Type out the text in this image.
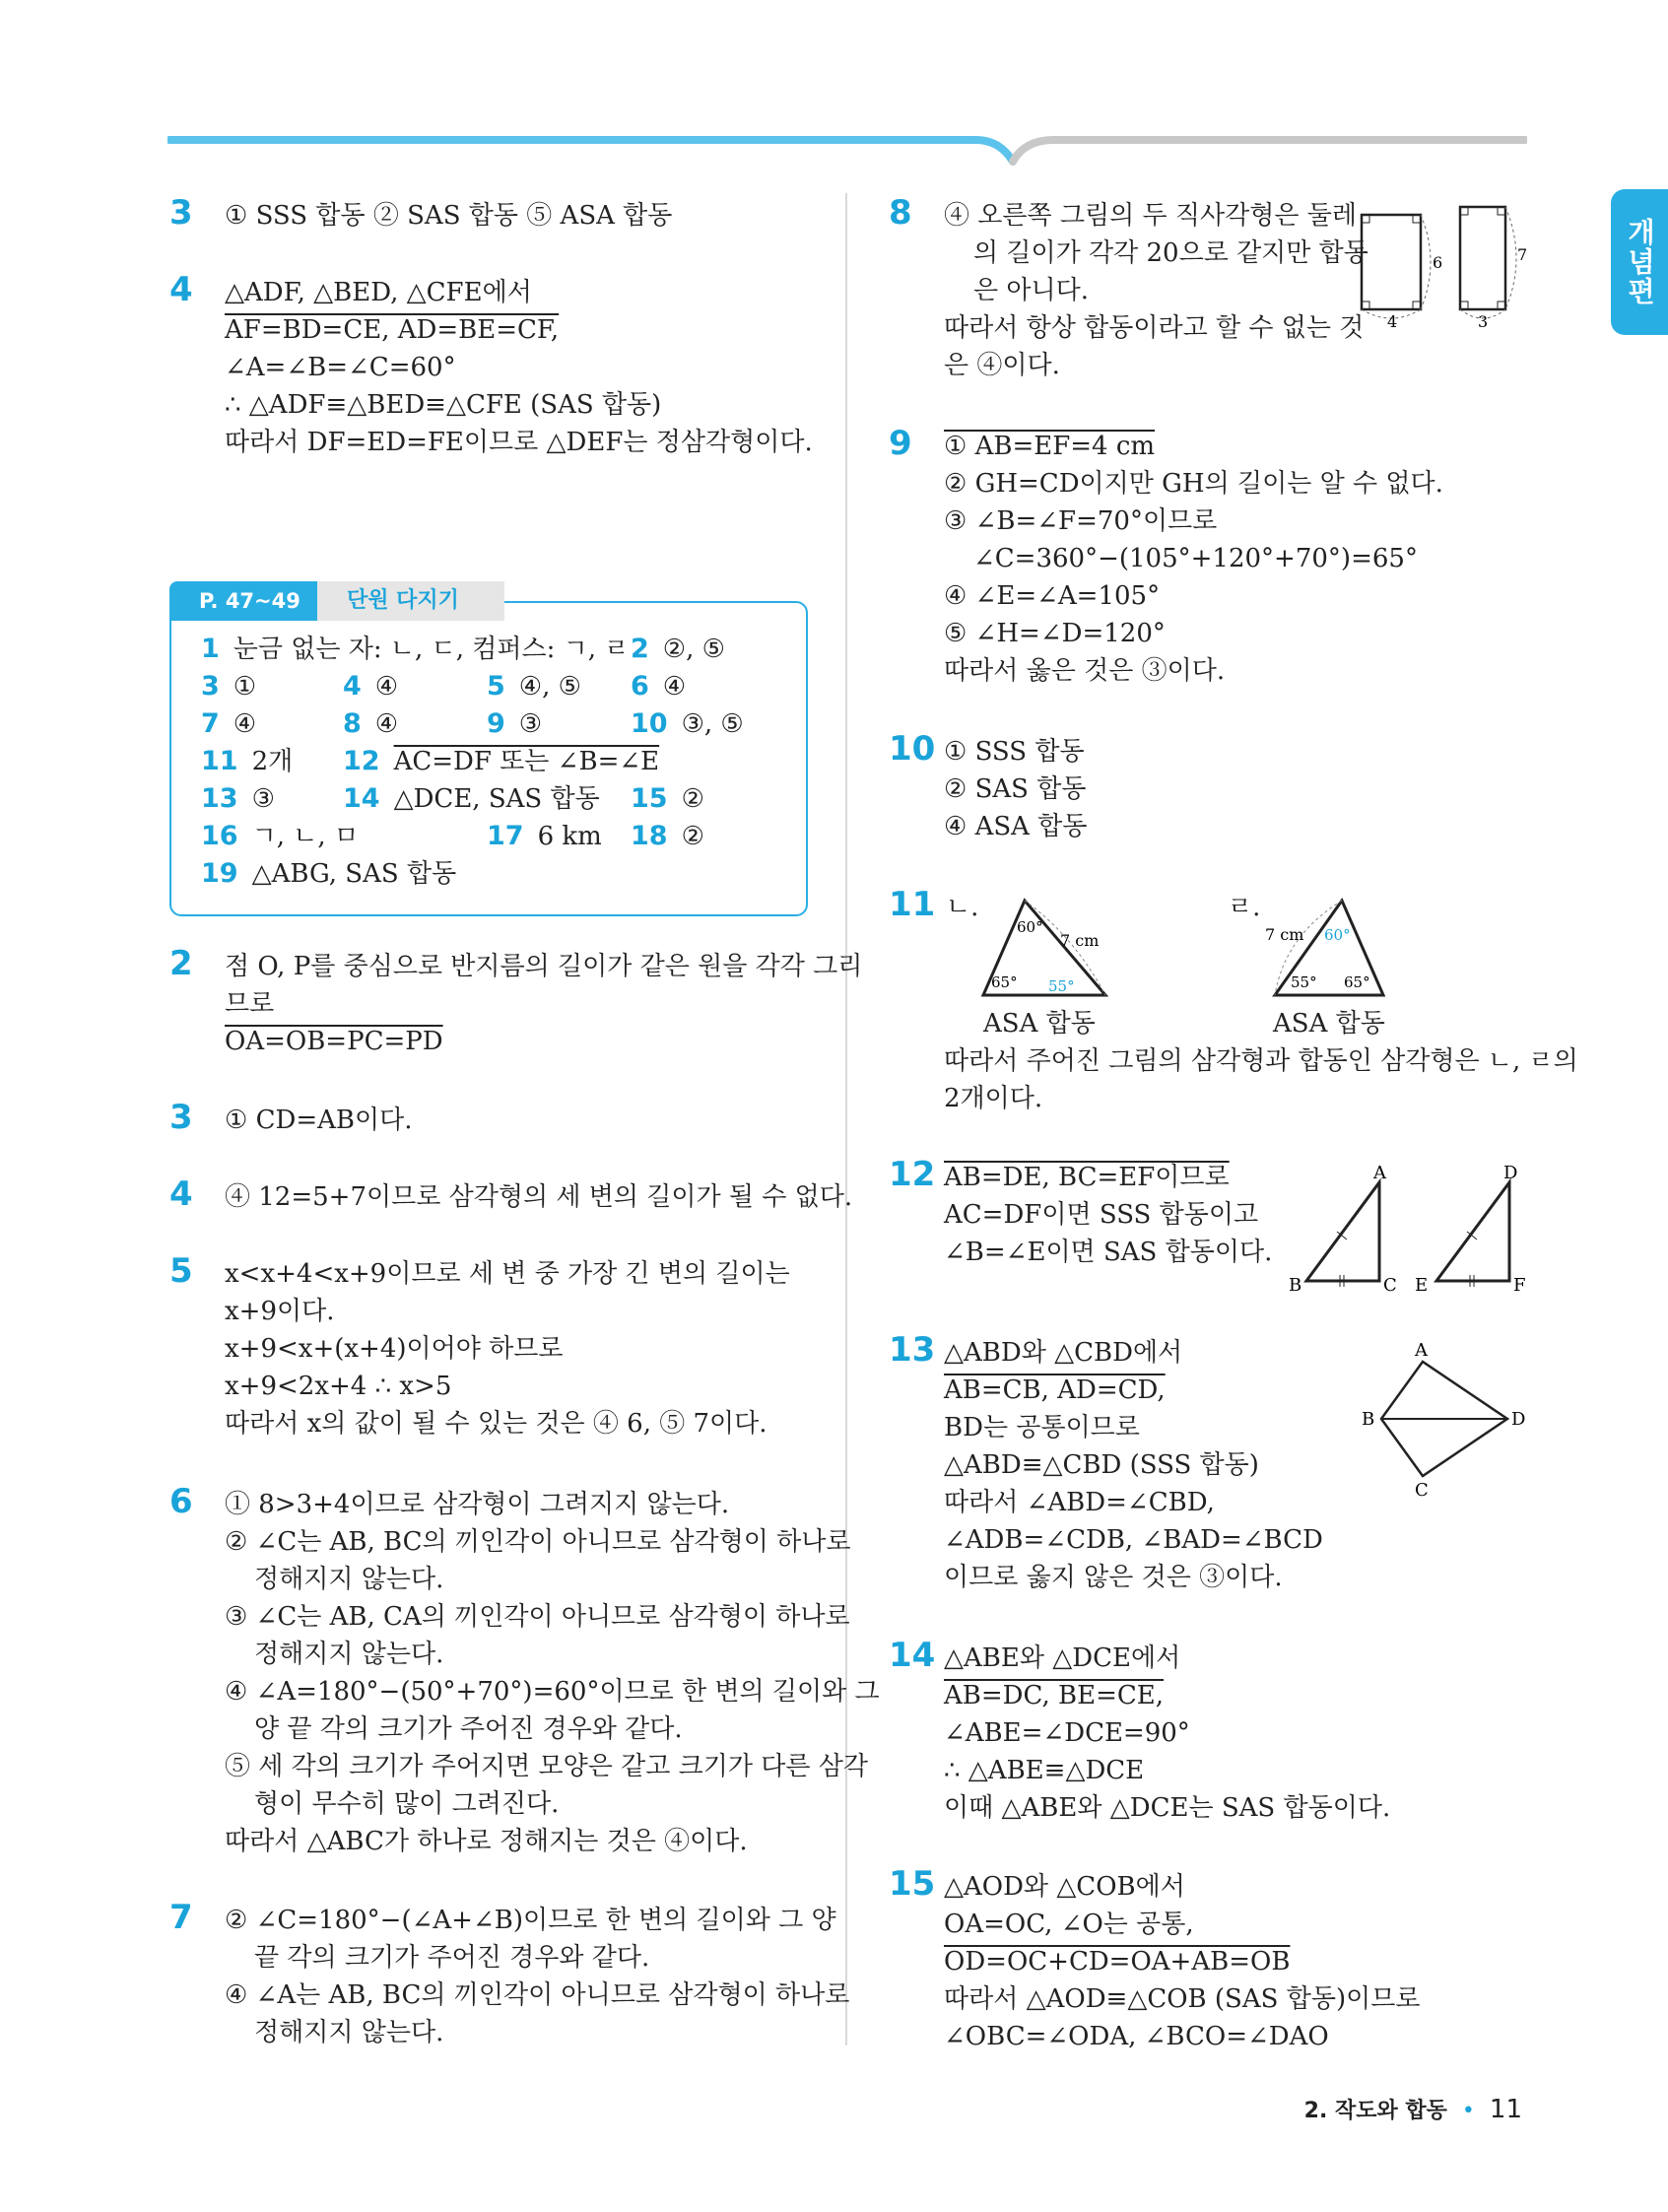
개념편
3 ① SSS 합동 ② SAS 합동 ⑤ ASA 합동
4 △ADF, △BED, △CFE에서
AF=BD=CE, AD=BE=CF,
∠A=∠B=∠C=60°
∴ △ADF≡△BED≡△CFE (SAS 합동)
따라서 DF=ED=FE이므로 △DEF는 정삼각형이다.
P. 47~49	단원 다지기
1 눈금 없는 자: ㄴ, ㄷ, 컴퍼스: ㄱ, ㄹ 2 ②, ⑤
3 ①	4 ④	5 ④, ⑤ 6 ④
7 ④	8 ④	9 ③	10 ③, ⑤
11 2개 12 AC=DF 또는 ∠B=∠E
13 ③	14 △DCE, SAS 합동 15 ②
16 ㄱ, ㄴ, ㅁ	17 6 km 18 ②
19 △ABG, SAS 합동
2 점 O, P를 중심으로 반지름의 길이가 같은 원을 각각 그리
므로
OA=OB=PC=PD
3 ① CD=AB이다.
4 ④ 12=5+7이므로 삼각형의 세 변의 길이가 될 수 없다.
5 x<x+4<x+9이므로 세 변 중 가장 긴 변의 길이는
x+9이다.
x+9<x+(x+4)이어야 하므로
x+9<2x+4 ∴ x>5
따라서 x의 값이 될 수 있는 것은 ④ 6, ⑤ 7이다.
6 ① 8>3+4이므로 삼각형이 그려지지 않는다.
② ∠C는 AB, BC의 끼인각이 아니므로 삼각형이 하나로
정해지지 않는다.
③ ∠C는 AB, CA의 끼인각이 아니므로 삼각형이 하나로
정해지지 않는다.
④ ∠A=180°−(50°+70°)=60°이므로 한 변의 길이와 그
양 끝 각의 크기가 주어진 경우와 같다.
⑤ 세 각의 크기가 주어지면 모양은 같고 크기가 다른 삼각
형이 무수히 많이 그려진다.
따라서 △ABC가 하나로 정해지는 것은 ④이다.
7 ② ∠C=180°−(∠A+∠B)이므로 한 변의 길이와 그 양
끝 각의 크기가 주어진 경우와 같다.
④ ∠A는 AB, BC의 끼인각이 아니므로 삼각형이 하나로
정해지지 않는다.
8 ④ 오른쪽 그림의 두 직사각형은 둘레
의 길이가 각각 20으로 같지만 합동
은 아니다.
따라서 항상 합동이라고 할 수 없는 것
은 ④이다.
6
4
7
3
9 ① AB=EF=4 cm
② GH=CD이지만 GH의 길이는 알 수 없다.
③ ∠B=∠F=70°이므로
∠C=360°−(105°+120°+70°)=65°
④ ∠E=∠A=105°
⑤ ∠H=∠D=120°
따라서 옳은 것은 ③이다.
10 ① SSS 합동
② SAS 합동
④ ASA 합동
11 ㄴ.	ㄹ.
60°
7 cm
65° 55°
ASA 합동
7 cm 60°
55° 65°
ASA 합동
따라서 주어진 그림의 삼각형과 합동인 삼각형은 ㄴ, ㄹ의
2개이다.
12 AB=DE, BC=EF이므로
AC=DF이면 SSS 합동이고
∠B=∠E이면 SAS 합동이다.
A
B	C
D
E	F
13 △ABD와 △CBD에서
AB=CB, AD=CD,
BD는 공통이므로
△ABD≡△CBD (SSS 합동)
따라서 ∠ABD=∠CBD,
∠ADB=∠CDB, ∠BAD=∠BCD
이므로 옳지 않은 것은 ③이다.
A
B
C
D
14 △ABE와 △DCE에서
AB=DC, BE=CE,
∠ABE=∠DCE=90°
∴ △ABE≡△DCE
이때 △ABE와 △DCE는 SAS 합동이다.
15 △AOD와 △COB에서
OA=OC, ∠O는 공통,
OD=OC+CD=OA+AB=OB
따라서 △AOD≡△COB (SAS 합동)이므로
∠OBC=∠ODA, ∠BCO=∠DAO
2. 작도와 합동 • 11
